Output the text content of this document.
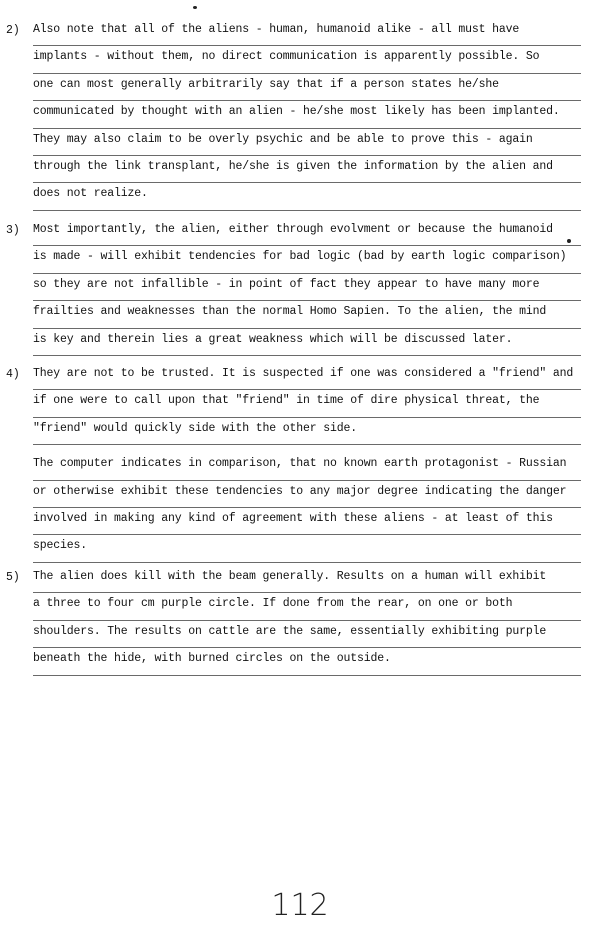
2) Also note that all of the aliens - human, humanoid alike - all must have
implants - without them, no direct communication is apparently possible. So
one can most generally arbitrarily say that if a person states he/she
communicated by thought with an alien - he/she most likely has been implanted.
They may also claim to be overly psychic and be able to prove this - again
through the link transplant, he/she is given the information by the alien and
does not realize.
3) Most importantly, the alien, either through evolvment or because the humanoid
is made - will exhibit tendencies for bad logic (bad by earth logic comparison)
so they are not infallible - in point of fact they appear to have many more
frailties and weaknesses than the normal Homo Sapien. To the alien, the mind
is key and therein lies a great weakness which will be discussed later.
4) They are not to be trusted. It is suspected if one was considered a "friend" and
if one were to call upon that "friend" in time of dire physical threat, the
"friend" would quickly side with the other side.
The computer indicates in comparison, that no known earth protagonist - Russian
or otherwise exhibit these tendencies to any major degree indicating the danger
involved in making any kind of agreement with these aliens - at least of this
species.
5) The alien does kill with the beam generally. Results on a human will exhibit
a three to four cm purple circle. If done from the rear, on one or both
shoulders. The results on cattle are the same, essentially exhibiting purple
beneath the hide, with burned circles on the outside.
112
